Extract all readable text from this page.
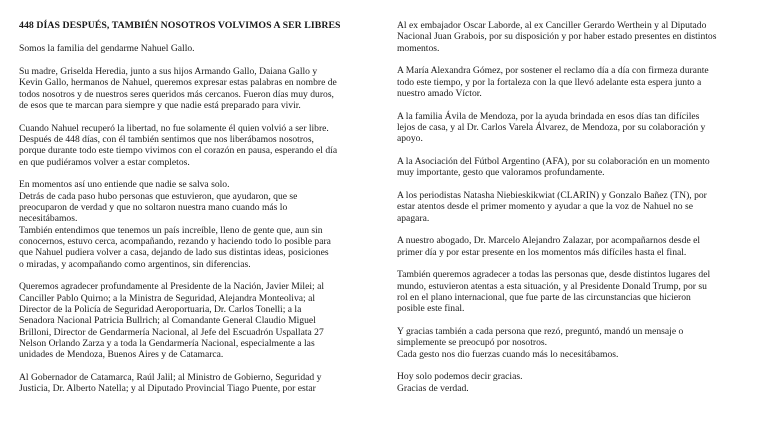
448 DÍAS DESPUÉS, TAMBIÉN NOSOTROS VOLVIMOS A SER LIBRES
Somos la familia del gendarme Nahuel Gallo.
Su madre, Griselda Heredia, junto a sus hijos Armando Gallo, Daiana Gallo y
Kevin Gallo, hermanos de Nahuel, queremos expresar estas palabras en nombre de
todos nosotros y de nuestros seres queridos más cercanos. Fueron días muy duros,
de esos que te marcan para siempre y que nadie está preparado para vivir.
Cuando Nahuel recuperó la libertad, no fue solamente él quien volvió a ser libre.
Después de 448 días, con él también sentimos que nos liberábamos nosotros,
porque durante todo este tiempo vivimos con el corazón en pausa, esperando el día
en que pudiéramos volver a estar completos.
En momentos así uno entiende que nadie se salva solo.
Detrás de cada paso hubo personas que estuvieron, que ayudaron, que se
preocuparon de verdad y que no soltaron nuestra mano cuando más lo
necesitábamos.
También entendimos que tenemos un país increíble, lleno de gente que, aun sin
conocernos, estuvo cerca, acompañando, rezando y haciendo todo lo posible para
que Nahuel pudiera volver a casa, dejando de lado sus distintas ideas, posiciones
o miradas, y acompañando como argentinos, sin diferencias.
Queremos agradecer profundamente al Presidente de la Nación, Javier Milei; al
Canciller Pablo Quirno; a la Ministra de Seguridad, Alejandra Monteoliva; al
Director de la Policía de Seguridad Aeroportuaria, Dr. Carlos Tonelli; a la
Senadora Nacional Patricia Bullrich; al Comandante General Claudio Miguel
Brilloni, Director de Gendarmería Nacional, al Jefe del Escuadrón Uspallata 27
Nelson Orlando Zarza y a toda la Gendarmería Nacional, especialmente a las
unidades de Mendoza, Buenos Aires y de Catamarca.
Al Gobernador de Catamarca, Raúl Jalil; al Ministro de Gobierno, Seguridad y
Justicia, Dr. Alberto Natella; y al Diputado Provincial Tiago Puente, por estar
Al ex embajador Oscar Laborde, al ex Canciller Gerardo Werthein y al Diputado
Nacional Juan Grabois, por su disposición y por haber estado presentes en distintos
momentos.
A María Alexandra Gómez, por sostener el reclamo día a día con firmeza durante
todo este tiempo, y por la fortaleza con la que llevó adelante esta espera junto a
nuestro amado Víctor.
A la familia Ávila de Mendoza, por la ayuda brindada en esos días tan difíciles
lejos de casa, y al Dr. Carlos Varela Álvarez, de Mendoza, por su colaboración y
apoyo.
A la Asociación del Fútbol Argentino (AFA), por su colaboración en un momento
muy importante, gesto que valoramos profundamente.
A los periodistas Natasha Niebieskikwiat (CLARIN) y Gonzalo Bañez (TN), por
estar atentos desde el primer momento y ayudar a que la voz de Nahuel no se
apagara.
A nuestro abogado, Dr. Marcelo Alejandro Zalazar, por acompañarnos desde el
primer día y por estar presente en los momentos más difíciles hasta el final.
También queremos agradecer a todas las personas que, desde distintos lugares del
mundo, estuvieron atentas a esta situación, y al Presidente Donald Trump, por su
rol en el plano internacional, que fue parte de las circunstancias que hicieron
posible este final.
Y gracias también a cada persona que rezó, preguntó, mandó un mensaje o
simplemente se preocupó por nosotros.
Cada gesto nos dio fuerzas cuando más lo necesitábamos.
Hoy solo podemos decir gracias.
Gracias de verdad.
